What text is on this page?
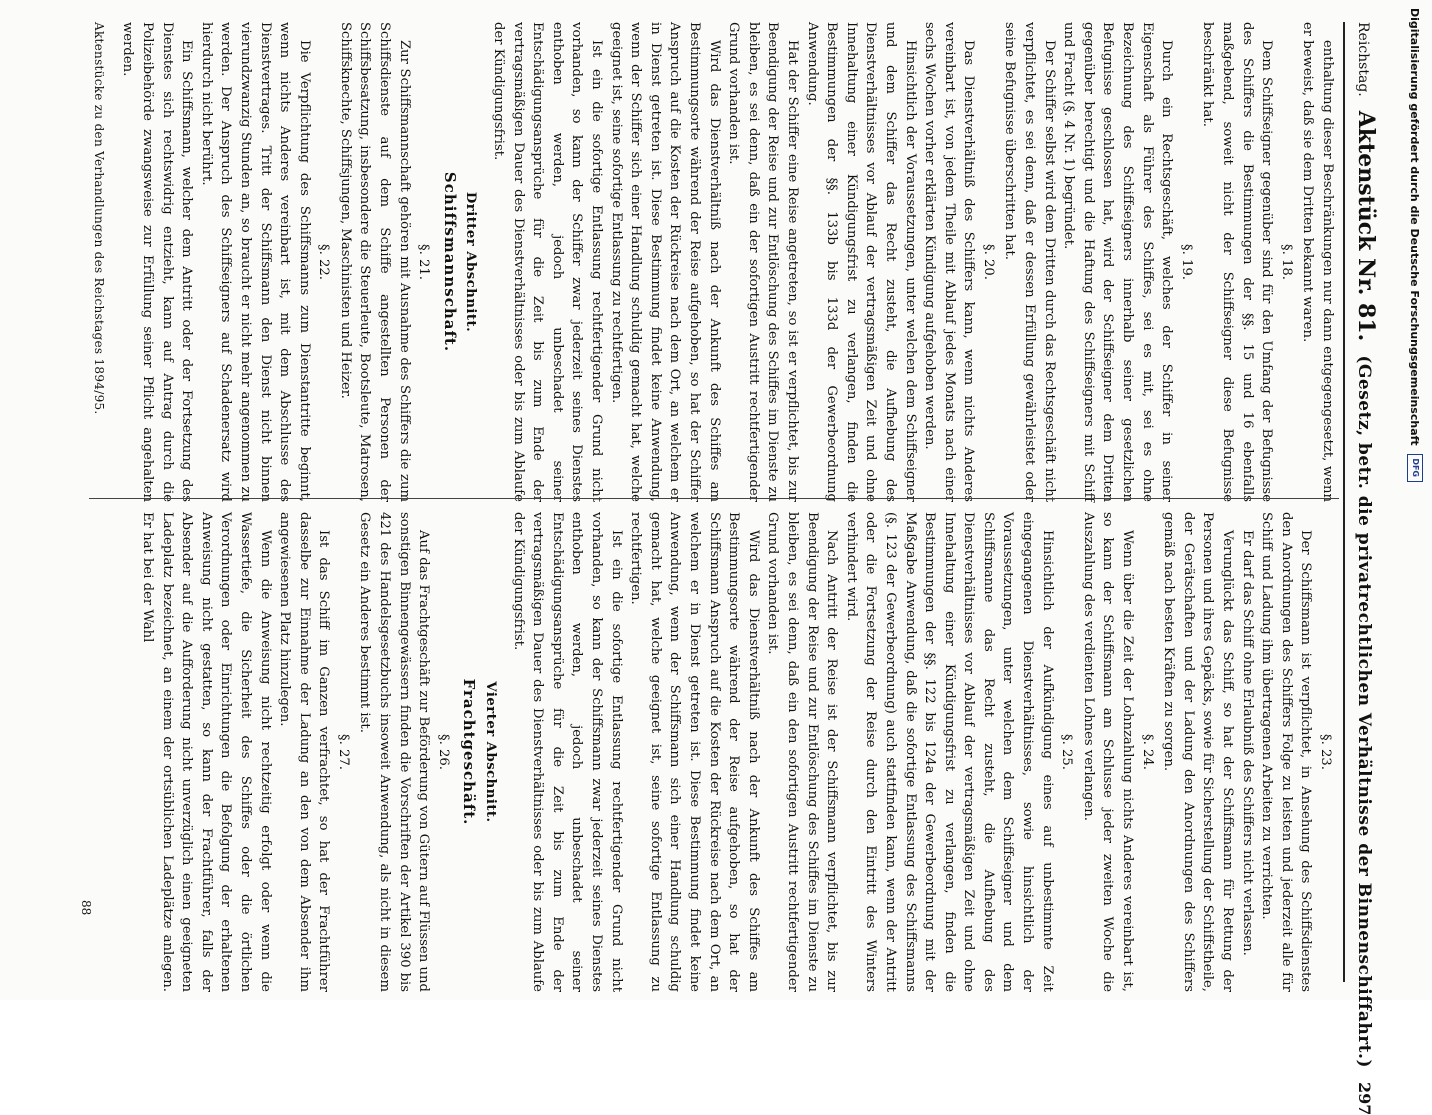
Reichstag.
Aktenstück Nr. 81.
(Gesetz, betr. die privatrechtlichen Verhältnisse der Binnenschiffahrt.)
297

enthaltung dieser Beschränkungen nur dann entgegengesetzt, wenn er beweist, daß sie dem Dritten bekannt waren.

§. 18.

Dem Schiffseigner gegenüber sind für den Umfang der Befugnisse des Schiffers die Bestimmungen der §§. 15 und 16 ebenfalls maßgebend, soweit nicht der Schiffseigner diese Befugnisse beschränkt hat.

§. 19.

Durch ein Rechtsgeschäft, welches der Schiffer in seiner Eigenschaft als Führer des Schiffes, sei es mit, sei es ohne Bezeichnung des Schiffseigners innerhalb seiner gesetzlichen Befugnisse geschlossen hat, wird der Schiffseigner dem Dritten gegenüber berechtigt und die Haftung des Schiffseigners mit Schiff und Fracht (§. 4 Nr. 1) begründet.

Der Schiffer selbst wird dem Dritten durch das Rechtsgeschäft nicht verpflichtet, es sei denn, daß er dessen Erfüllung gewährleistet oder seine Befugnisse überschritten hat.

§. 20.

Das Dienstverhältniß des Schiffers kann, wenn nichts Anderes vereinbart ist, von jedem Theile mit Ablauf jedes Monats nach einer sechs Wochen vorher erklärten Kündigung aufgehoben werden.

Hinsichtlich der Voraussetzungen, unter welchen dem Schiffseigner und dem Schiffer das Recht zusteht, die Aufhebung des Dienstverhältnisses vor Ablauf der vertragsmäßigen Zeit und ohne Innehaltung einer Kündigungsfrist zu verlangen, finden die Bestimmungen der §§. 133b bis 133d der Gewerbeordnung Anwendung.

Hat der Schiffer eine Reise angetreten, so ist er verpflichtet, bis zur Beendigung der Reise und zur Entlöschung des Schiffes im Dienste zu bleiben, es sei denn, daß ein der sofortigen Austritt rechtfertigender Grund vorhanden ist.

Wird das Dienstverhältniß nach der Ankunft des Schiffes am Bestimmungsorte während der Reise aufgehoben, so hat der Schiffer Anspruch auf die Kosten der Rückreise nach dem Ort, an welchem er in Dienst getreten ist. Diese Bestimmung findet keine Anwendung, wenn der Schiffer sich einer Handlung schuldig gemacht hat, welche geeignet ist, seine sofortige Entlassung zu rechtfertigen.

Ist ein die sofortige Entlassung rechtfertigender Grund nicht vorhanden, so kann der Schiffer zwar jederzeit seines Dienstes enthoben werden, jedoch unbeschadet seiner Entschädigungsansprüche für die Zeit bis zum Ende der vertragsmäßigen Dauer des Dienstverhältnisses oder bis zum Ablaufe der Kündigungsfrist.

Dritter Abschnitt.

Schiffsmannschaft.

§. 21.

Zur Schiffsmannschaft gehören mit Ausnahme des Schiffers die zum Schiffsdienste auf dem Schiffe angestellten Personen der Schiffsbesatzung, insbesondere die Steuerleute, Bootsleute, Matrosen, Schiffsknechte, Schiffsjungen, Maschinisten und Heizer.

§. 22.

Die Verpflichtung des Schiffsmanns zum Dienstantritte beginnt, wenn nichts Anderes vereinbart ist, mit dem Abschlusse des Dienstvertrages. Tritt der Schiffsmann den Dienst nicht binnen vierundzwanzig Stunden an, so braucht er nicht mehr angenommen zu werden. Der Anspruch des Schiffseigners auf Schadenersatz wird hierdurch nicht berührt.

Ein Schiffsmann, welcher dem Antritt oder der Fortsetzung des Dienstes sich rechtswidrig entzieht, kann auf Antrag durch die Polizeibehörde zwangsweise zur Erfüllung seiner Pflicht angehalten werden.

Aktenstücke zu den Verhandlungen des Reichstages 1894/95.

§. 23.

Der Schiffsmann ist verpflichtet, in Ansehung des Schiffsdienstes den Anordnungen des Schiffers Folge zu leisten und jederzeit alle für Schiff und Ladung ihm übertragenen Arbeiten zu verrichten.

Er darf das Schiff ohne Erlaubniß des Schiffers nicht verlassen.

Verunglückt das Schiff, so hat der Schiffsmann für Rettung der Personen und ihres Gepäcks, sowie für Sicherstellung der Schiffstheile, der Gerätschaften und der Ladung den Anordnungen des Schiffers gemäß nach besten Kräften zu sorgen.

§. 24.

Wenn über die Zeit der Lohnzahlung nichts Anderes vereinbart ist, so kann der Schiffsmann am Schlusse jeder zweiten Woche die Auszahlung des verdienten Lohnes verlangen.

§. 25.

Hinsichtlich der Aufkündigung eines auf unbestimmte Zeit eingegangenen Dienstverhältnisses, sowie hinsichtlich der Voraussetzungen, unter welchen dem Schiffseigner und dem Schiffsmanne das Recht zusteht, die Aufhebung des Dienstverhältnisses vor Ablauf der vertragsmäßigen Zeit und ohne Innehaltung einer Kündigungsfrist zu verlangen, finden die Bestimmungen der §§. 122 bis 124a der Gewerbeordnung mit der Maßgabe Anwendung, daß die sofortige Entlassung des Schiffsmanns (§. 123 der Gewerbeordnung) auch stattfinden kann, wenn der Antritt oder die Fortsetzung der Reise durch den Eintritt des Winters verhindert wird.

Nach Antritt der Reise ist der Schiffsmann verpflichtet, bis zur Beendigung der Reise und zur Entlöschung des Schiffes im Dienste zu bleiben, es sei denn, daß ein den sofortigen Austritt rechtfertigender Grund vorhanden ist.

Wird das Dienstverhältniß nach der Ankunft des Schiffes am Bestimmungsorte während der Reise aufgehoben, so hat der Schiffsmann Anspruch auf die Kosten der Rückreise nach dem Ort, an welchem er in Dienst getreten ist. Diese Bestimmung findet keine Anwendung, wenn der Schiffsmann sich einer Handlung schuldig gemacht hat, welche geeignet ist, seine sofortige Entlassung zu rechtfertigen.

Ist ein die sofortige Entlassung rechtfertigender Grund nicht vorhanden, so kann der Schiffsmann zwar jederzeit seines Dienstes enthoben werden, jedoch unbeschadet seiner Entschädigungsansprüche für die Zeit bis zum Ende der vertragsmäßigen Dauer des Dienstverhältnisses oder bis zum Ablaufe der Kündigungsfrist.

Vierter Abschnitt.

Frachtgeschäft.

§. 26.

Auf das Frachtgeschäft zur Beförderung von Gütern auf Flüssen und sonstigen Binnengewässern finden die Vorschriften der Artikel 390 bis 421 des Handelsgesetzbuchs insoweit Anwendung, als nicht in diesem Gesetz ein Anderes bestimmt ist.

§. 27.

Ist das Schiff im Ganzen verfrachtet, so hat der Frachtführer dasselbe zur Einnahme der Ladung an den von dem Absender ihm angewiesenen Platz hinzulegen.

Wenn die Anweisung nicht rechtzeitig erfolgt oder wenn die Wassertiefe, die Sicherheit des Schiffes oder die örtlichen Verordnungen oder Einrichtungen die Befolgung der erhaltenen Anweisung nicht gestatten, so kann der Frachtführer, falls der Absender auf die Aufforderung nicht unverzüglich einen geeigneten Ladeplatz bezeichnet, an einem der ortsüblichen Ladeplätze anlegen. Er hat bei der Wahl

88
Digitalisierung gefördert durch die Deutsche Forschungsgemeinschaft
DFG
